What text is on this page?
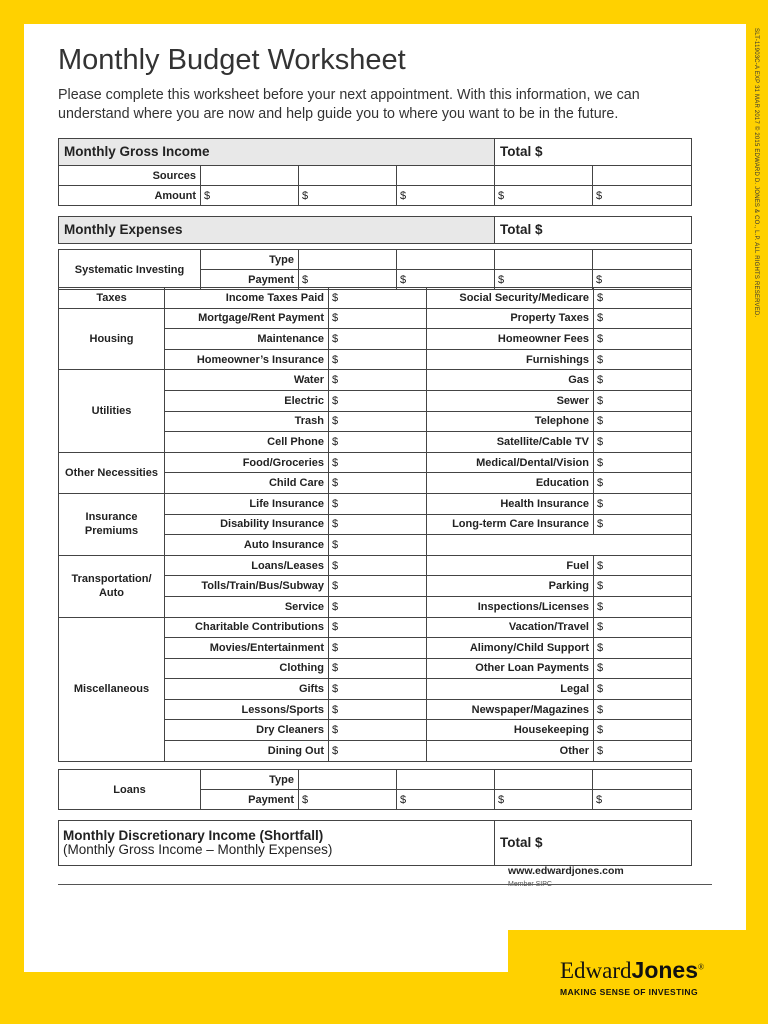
Monthly Budget Worksheet
Please complete this worksheet before your next appointment. With this information, we can understand where you are now and help guide you to where you want to be in the future.
Monthly Gross Income				Total $	
Sources					
Amount	$	$	$	$	$
Monthly Expenses				Total $	

Systematic Investing	Type				
	Payment	$	$	$	$
Taxes	Income Taxes Paid	$	Social Security/Medicare	$
Housing	Mortgage/Rent Payment	$	Property Taxes	$
	Maintenance	$	Homeowner Fees	$
	Homeowner’s Insurance	$	Furnishings	$
Utilities	Water	$	Gas	$
	Electric	$	Sewer	$
	Trash	$	Telephone	$
	Cell Phone	$	Satellite/Cable TV	$
Other Necessities	Food/Groceries	$	Medical/Dental/Vision	$
	Child Care	$	Education	$
Insurance Premiums	Life Insurance	$	Health Insurance	$
	Disability Insurance	$	Long-term Care Insurance	$
	Auto Insurance	$		
Transportation/ Auto	Loans/Leases	$	Fuel	$
	Tolls/Train/Bus/Subway	$	Parking	$
	Service	$	Inspections/Licenses	$
Miscellaneous	Charitable Contributions	$	Vacation/Travel	$
	Movies/Entertainment	$	Alimony/Child Support	$
	Clothing	$	Other Loan Payments	$
	Gifts	$	Legal	$
	Lessons/Sports	$	Newspaper/Magazines	$
	Dry Cleaners	$	Housekeeping	$
	Dining Out	$	Other	$
Loans	Type				
	Payment	$	$	$	$
Monthly Discretionary Income (Shortfall)
(Monthly Gross Income – Monthly Expenses)	Total $
www.edwardjones.com
Member SIPC
SLT-11903C-A EXP 31 MAR 2017 © 2015 EDWARD D. JONES & CO., L.P. ALL RIGHTS RESERVED.
EdwardJones®
MAKING SENSE OF INVESTING
